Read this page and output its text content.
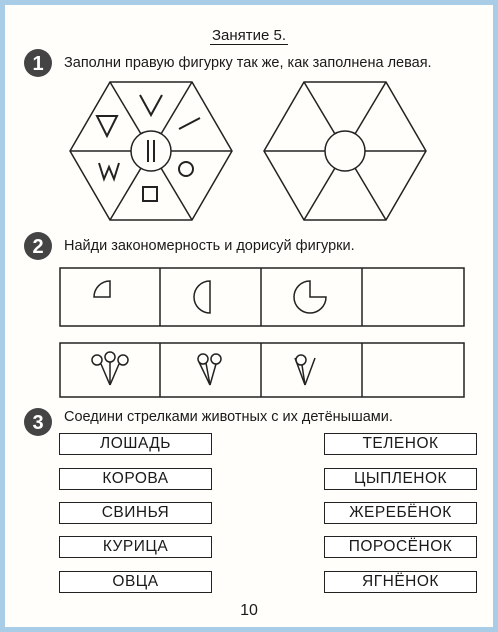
Занятие 5.
1 Заполни правую фигурку так же, как заполнена левая.
2 Найди закономерность и дорисуй фигурки.
3 Соедини стрелками животных с их детёнышами.
ЛОШАДЬ
КОРОВА
СВИНЬЯ
КУРИЦА
ОВЦА
ТЕЛЕНОК
ЦЫПЛЕНОК
ЖЕРЕБЁНОК
ПОРОСЁНОК
ЯГНЁНОК
10
